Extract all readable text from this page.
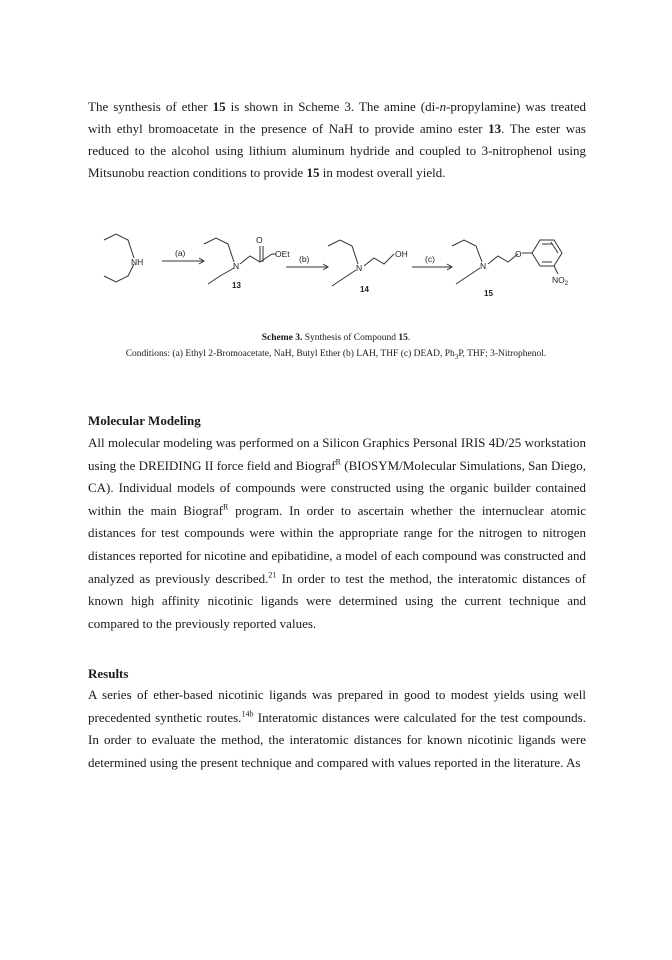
The synthesis of ether 15 is shown in Scheme 3. The amine (di-n-propylamine) was treated with ethyl bromoacetate in the presence of NaH to provide amino ester 13. The ester was reduced to the alcohol using lithium aluminum hydride and coupled to 3-nitrophenol using Mitsunobu reaction conditions to provide 15 in modest overall yield.

NH
(a)
O
OEt
N
13
(b)	OH
N
14
(c)	O
$NO_2$
N
15

Scheme 3. Synthesis of Compound 15.

Conditions: (a) Ethyl 2-Bromoacetate, NaH, Butyl Ether (b) LAH, THF (c) DEAD, $Ph_3P$, THF; 3-Nitrophenol.

Molecular Modeling

All molecular modeling was performed on a Silicon Graphics Personal IRIS 4D/25 workstation using the DREIDING II force field and Biograf$^R$ (BIOSYM/Molecular Simulations, San Diego, CA). Individual models of compounds were constructed using the organic builder contained within the main Biograf$^R$ program. In order to ascertain whether the internuclear atomic distances for test compounds were within the appropriate range for the nitrogen to nitrogen distances reported for nicotine and epibatidine, a model of each compound was constructed and analyzed as previously described.$^{21}$ In order to test the method, the interatomic distances of known high affinity nicotinic ligands were determined using the current technique and compared to the previously reported values.

Results

A series of ether-based nicotinic ligands was prepared in good to modest yields using well precedented synthetic routes.$^{14b}$ Interatomic distances were calculated for the test compounds. In order to evaluate the method, the interatomic distances for known nicotinic ligands were determined using the present technique and compared with values reported in the literature. As
